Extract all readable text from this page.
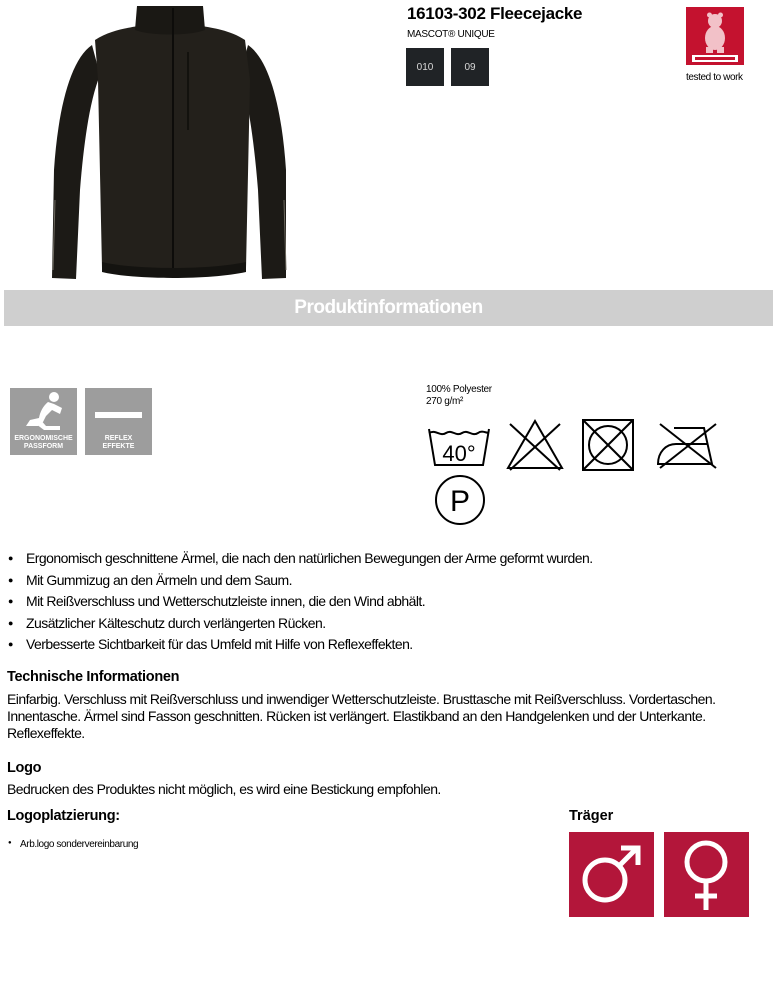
16103-302 Fleecejacke
MASCOT® UNIQUE
010	09
tested to work
Produktinformationen
ERGONOMISCHE
PASSFORM
REFLEX
EFFEKTE
100% Polyester
270 g/m²
40°
P
● Ergonomisch geschnittene Ärmel, die nach den natürlichen Bewegungen der Arme geformt wurden.
● Mit Gummizug an den Ärmeln und dem Saum.
● Mit Reißverschluss und Wetterschutzleiste innen, die den Wind abhält.
● Zusätzlicher Kälteschutz durch verlängerten Rücken.
● Verbesserte Sichtbarkeit für das Umfeld mit Hilfe von Reflexeffekten.
Technische Informationen
Einfarbig. Verschluss mit Reißverschluss und inwendiger Wetterschutzleiste. Brusttasche mit Reißverschluss. Vordertaschen. Innentasche. Ärmel sind Fasson geschnitten. Rücken ist verlängert. Elastikband an den Handgelenken und der Unterkante. Reflexeffekte.
Logo
Bedrucken des Produktes nicht möglich, es wird eine Bestickung empfohlen.
Logoplatzierung:
● Arb.logo sondervereinbarung
Träger
